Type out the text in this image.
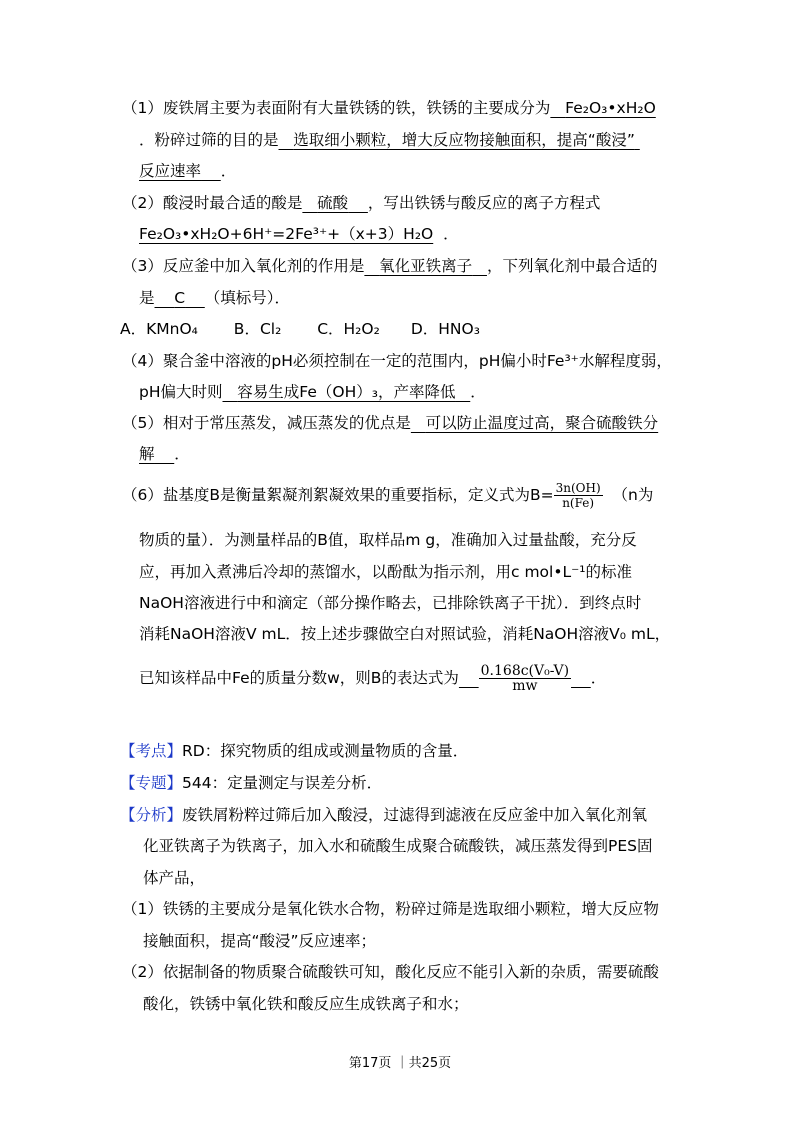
（1）废铁屑主要为表面附有大量铁锈的铁，铁锈的主要成分为 Fe₂O₃•xH₂O
．粉碎过筛的目的是 选取细小颗粒，增大反应物接触面积，提高“酸浸”
反应速率 ．
（2）酸浸时最合适的酸是 硫酸 ，写出铁锈与酸反应的离子方程式
Fe₂O₃•xH₂O+6H⁺=2Fe³⁺+（x+3）H₂O ．
（3）反应釜中加入氧化剂的作用是 氧化亚铁离子 ，下列氧化剂中最合适的
是 C （填标号）．
A．KMnO₄　 　B．Cl₂　　 C．H₂O₂　　D．HNO₃
（4）聚合釜中溶液的pH必须控制在一定的范围内，pH偏小时Fe³⁺水解程度弱，
pH偏大时则 容易生成Fe（OH）₃，产率降低 ．
（5）相对于常压蒸发，减压蒸发的优点是 可以防止温度过高，聚合硫酸铁分
解 ．
（6）盐基度B是衡量絮凝剂絮凝效果的重要指标，定义式为$B= \frac{3n(OH)}{n(Fe)} (n$为
物质的量）．为测量样品的B值，取样品m g，准确加入过量盐酸，充分反
应，再加入煮沸后冷却的蒸馏水，以酚酞为指示剂，用c mol•L⁻¹的标准
NaOH溶液进行中和滴定（部分操作略去，已排除铁离子干扰）．到终点时
消耗NaOH溶液V mL．按上述步骤做空白对照试验，消耗NaOH溶液V₀ mL，
已知该样品中Fe的质量分数w，则B的表达式为 $\frac{\text{0.168c(V₀-V)}}{mw}$ ．
【考点】RD：探究物质的组成或测量物质的含量．
【专题】544：定量测定与误差分析．
【分析】废铁屑粉粹过筛后加入酸浸，过滤得到滤液在反应釜中加入氧化剂氧
化亚铁离子为铁离子，加入水和硫酸生成聚合硫酸铁，减压蒸发得到PES固
体产品，
（1）铁锈的主要成分是氧化铁水合物，粉碎过筛是选取细小颗粒，增大反应物
接触面积，提高“酸浸”反应速率；
（2）依据制备的物质聚合硫酸铁可知，酸化反应不能引入新的杂质，需要硫酸
酸化，铁锈中氧化铁和酸反应生成铁离子和水；
第17页 ｜共25页
